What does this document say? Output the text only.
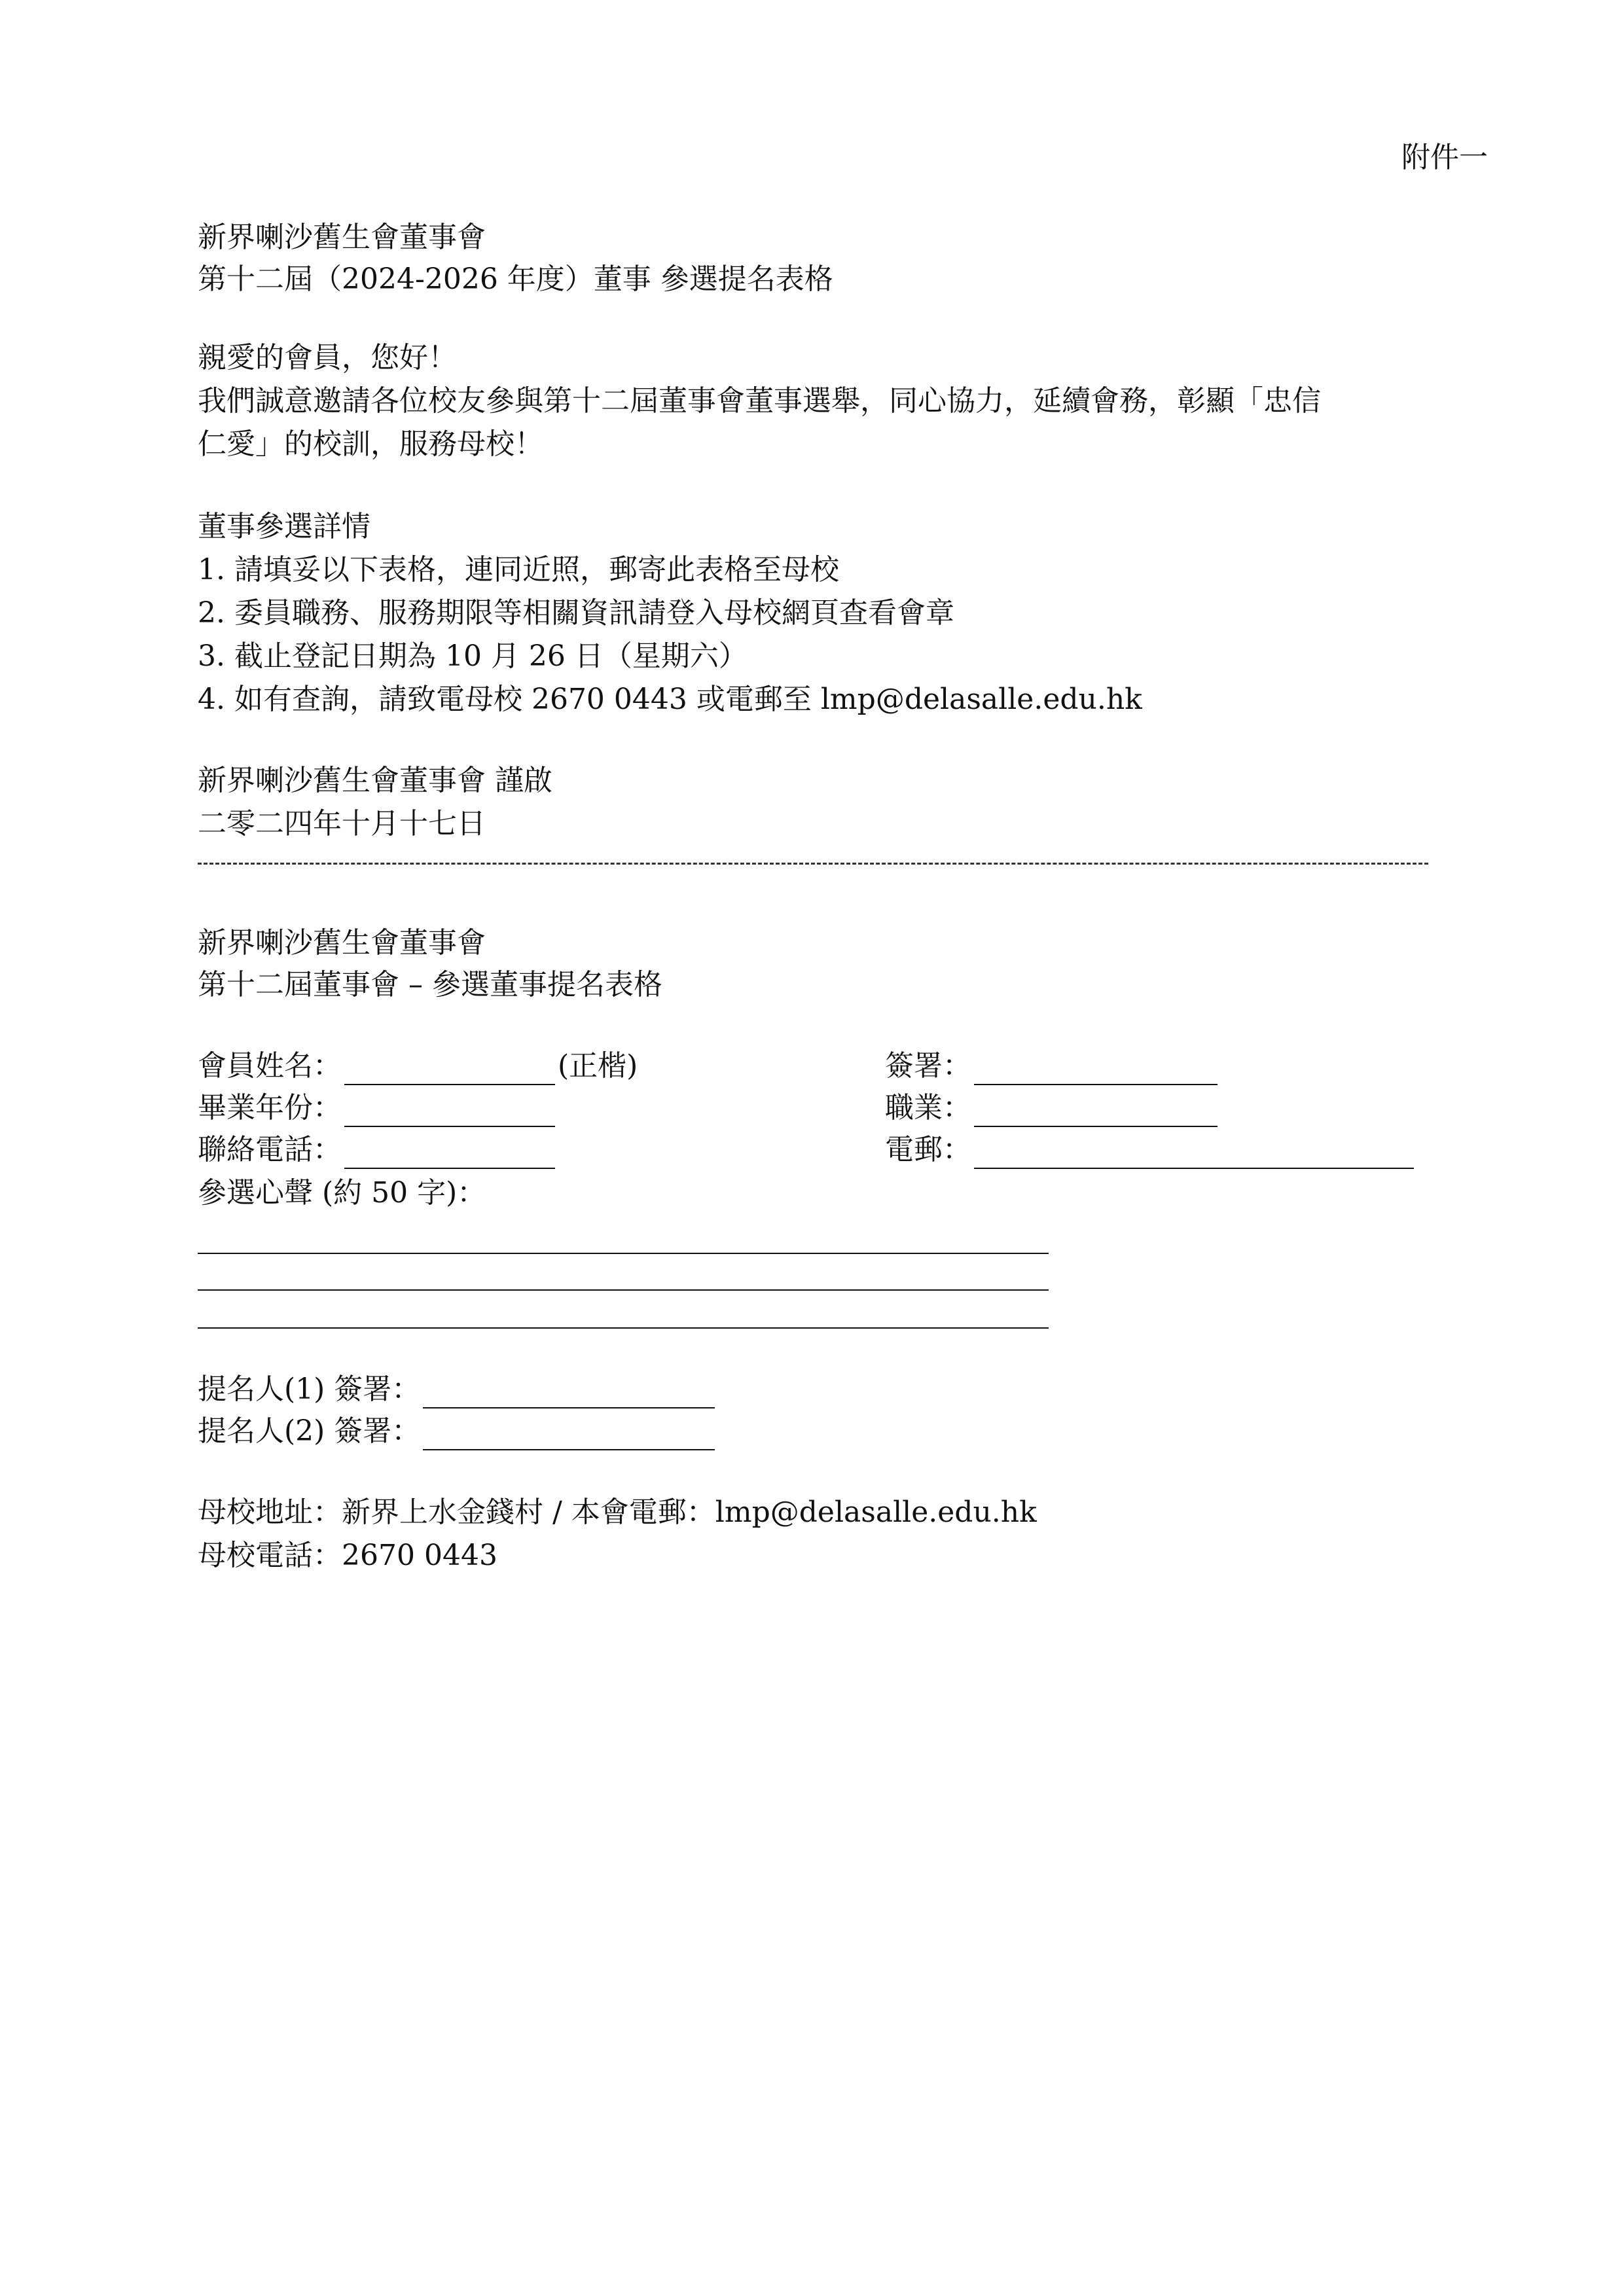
附件一
新界喇沙舊生會董事會
第十二屆（2024-2026 年度）董事 參選提名表格
親愛的會員，您好！
我們誠意邀請各位校友參與第十二屆董事會董事選舉，同心協力，延續會務，彰顯「忠信
仁愛」的校訓，服務母校！
董事參選詳情
1. 請填妥以下表格，連同近照，郵寄此表格至母校
2. 委員職務、服務期限等相關資訊請登入母校網頁查看會章
3. 截止登記日期為 10 月 26 日（星期六）
4. 如有查詢，請致電母校 2670 0443 或電郵至 lmp@delasalle.edu.hk
新界喇沙舊生會董事會 謹啟
二零二四年十月十七日
新界喇沙舊生會董事會
第十二屆董事會 – 參選董事提名表格
會員姓名：	(正楷)
畢業年份：
聯絡電話：
簽署：
職業：
電郵：
參選心聲 (約 50 字)：
提名人(1) 簽署：
提名人(2) 簽署：
母校地址：新界上水金錢村 / 本會電郵：lmp@delasalle.edu.hk
母校電話：2670 0443
